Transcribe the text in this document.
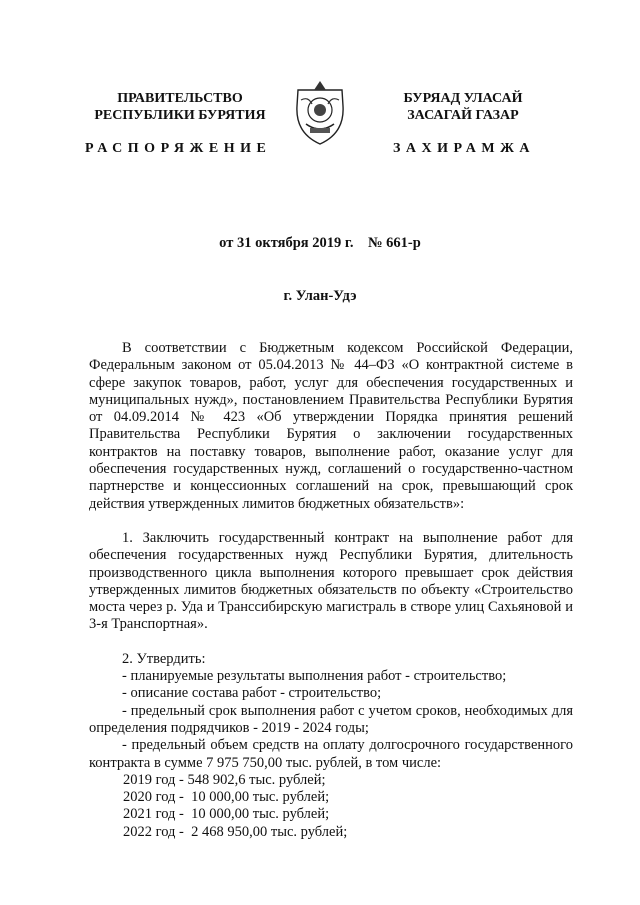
ПРАВИТЕЛЬСТВО
РЕСПУБЛИКИ БУРЯТИЯ
БУРЯАД УЛАСАЙ
ЗАСАГАЙ ГАЗАР
РАСПОРЯЖЕНИЕ	ЗАХИРАМЖА
от 31 октября 2019 г.    № 661-р
г. Улан-Удэ

В соответствии с Бюджетным кодексом Российской Федерации, Федеральным законом от 05.04.2013 № 44–ФЗ «О контрактной системе в сфере закупок товаров, работ, услуг для обеспечения государственных и муниципальных нужд», постановлением Правительства Республики Бурятия от 04.09.2014 № 423 «Об утверждении Порядка принятия решений Правительства Республики Бурятия о заключении государственных контрактов на поставку товаров, выполнение работ, оказание услуг для обеспечения государственных нужд, соглашений о государственно-частном партнерстве и концессионных соглашений на срок, превышающий срок действия утвержденных лимитов бюджетных обязательств»:

1. Заключить государственный контракт на выполнение работ для обеспечения государственных нужд Республики Бурятия, длительность производственного цикла выполнения которого превышает срок действия утвержденных лимитов бюджетных обязательств по объекту «Строительство моста через р. Уда и Транссибирскую магистраль в створе улиц Сахьяновой и 3-я Транспортная».

2. Утвердить:

- планируемые результаты выполнения работ - строительство;

- описание состава работ - строительство;

- предельный срок выполнения работ с учетом сроков, необходимых для определения подрядчиков - 2019 - 2024 годы;

- предельный объем средств на оплату долгосрочного государственного контракта в сумме 7 975 750,00 тыс. рублей, в том числе:

2019 год - 548 902,6 тыс. рублей;

2020 год -  10 000,00 тыс. рублей;

2021 год -  10 000,00 тыс. рублей;

2022 год -  2 468 950,00 тыс. рублей;
